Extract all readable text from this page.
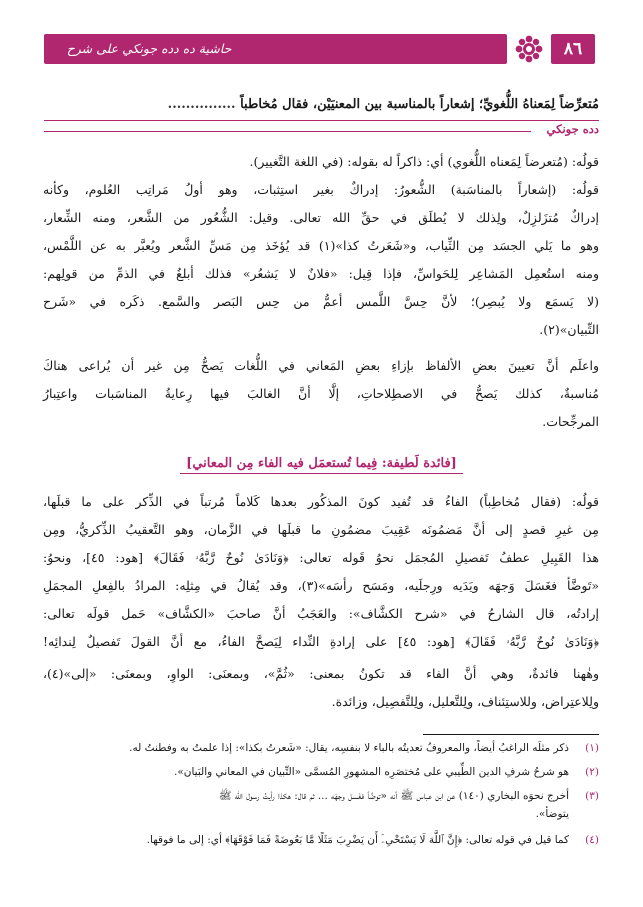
٨٦
حاشية ده دده جونكي على شرح المراح
مُتعرِّضاً لِمَعناهُ اللُّغويِّ؛ إشعاراً بالمناسبة بين المعنيَيْن، فقال مُخاطباً ...............
دده جونكي
قولُه: (مُتعرضاً لِمَعناه اللُّغوي) أي: ذاكراً له بقوله: (في اللغة التَّغيير).
قولُه: (إشعاراً بالمناسَبة) الشُّعورُ: إدراكٌ بغير استِثبات، وهو أولُ مَراتِب العُلوم، وكأنه
إدراكٌ مُتزَلزِلٌ، ولِذلك لا يُطلَق في حقِّ الله تعالى. وقيل: الشُّعُور من الشَّعر، ومنه الشِّعار،
وهو ما يَلي الجسَد مِن الثِّياب، و«شَعَرتُ كذا»(١) قد يُؤخَذ مِن مَسِّ الشَّعر ويُعبَّر به عن اللَّمْس،
ومنه استُعمِل المَشاعِر لِلحَواسِّ، فإذا قِيل: «فلانٌ لا يَشعُر» فذلك أبلغُ في الذمِّ من قولِهم:
(لا يَسمَع ولا يُبصِر)؛ لأنَّ حِسَّ اللَّمس أعمُّ من حِس البَصر والسَّمع. ذكَره في «شَرح
التِّبيان»(٢).
واعلَم أنَّ تعيينَ بعضِ الألفاظ بإزاءِ بعضِ المَعاني في اللُّغات يَصحُّ مِن غير أن يُراعى هناكَ
مُناسبةٌ، كذلك يَصحُّ في الاصطِلاحاتِ، إلَّا أنَّ الغالبَ فيها رِعايةُ المناسَبات واعتِبارُ
المرجِّحات.
[فائدة لَطيفة: فِيما تُستعمَل فيه الفاء مِن المعاني]
قولُه: (فقال مُخاطِباً) الفاءُ قد تُفيد كونَ المذكُور بعدها كَلاماً مُرتباً في الذِّكر على ما قبلَها،
مِن غيرِ قصدٍ إلى أنَّ مَضمُونَه عَقِيبَ مضمُونِ ما قبلَها في الزَّمان، وهو التَّعقيبُ الذِّكريُّ، ومِن
هذا القَبِيلِ عطفُ تَفصيلِ المُجمَل نحوُ قَوله تعالى: ﴿وَنَادَىٰ نُوحٌ رَّبَّهُۥ فَقَالَ﴾ [هود: ٤٥]، ونحوُ:
«تَوضَّأ فغَسَلَ وَجهَه ويَدَيه ورِجلَيه، ومَسَح رأسَه»(٣)، وقد يُقالُ في مِثلِه: المرادُ بالفِعلِ المجمَلِ
إرادتُه، قال الشارحُ في «شرح الكشَّاف»: والعَجَبُ أنَّ صاحبَ «الكشَّاف» حَمل قولَه تعالى:
﴿وَنَادَىٰ نُوحٌ رَّبَّهُۥ فَقَالَ﴾ [هود: ٤٥] على إرادةِ النِّداء لِيَصحَّ الفاءُ، مع أنَّ القولَ تَفصيلٌ لِندائِه!
وهٰهنا فائدةٌ، وهي أنَّ الفاء قد تكونُ بمعنى: «ثُمَّ»، وبمعنَى: الواوِ، وبمعنَى: «إلى»(٤)،
ولِلاعتِراض، وللاستِئناف، ولِلتَّعليل، ولِلتَّفصِيل، وزائدة.
(١)ذكر مثلَه الراغبُ أيضاً، والمعروفُ تعديتُه بالباء لا بنفسِه، يقال: «شَعرتُ بكذا»: إذا علمتُ به وفطنتُ له.
(٢)هو شرحُ شرفِ الدين الطِّيبي على مُختصَرِه المشهورِ المُسمَّى «التِّبيان في المعاني والبَيان».
(٣)أخرج نحوَه البخاري (١٤٠) عن ابن عباس ﷺ أنه «توضَّأ فغَسل وجهَه ... ثم قال: هكذا رأيتُ رسول الله ﷺ
يتوضأ».
(٤)كما قيل في قوله تعالى: ﴿إِنَّ ٱللَّهَ لَا يَسْتَحْىِۦٓ أَن يَضْرِبَ مَثَلًا مَّا بَعُوضَةً فَمَا فَوْقَهَا﴾ أي: إلى ما فوقها.
